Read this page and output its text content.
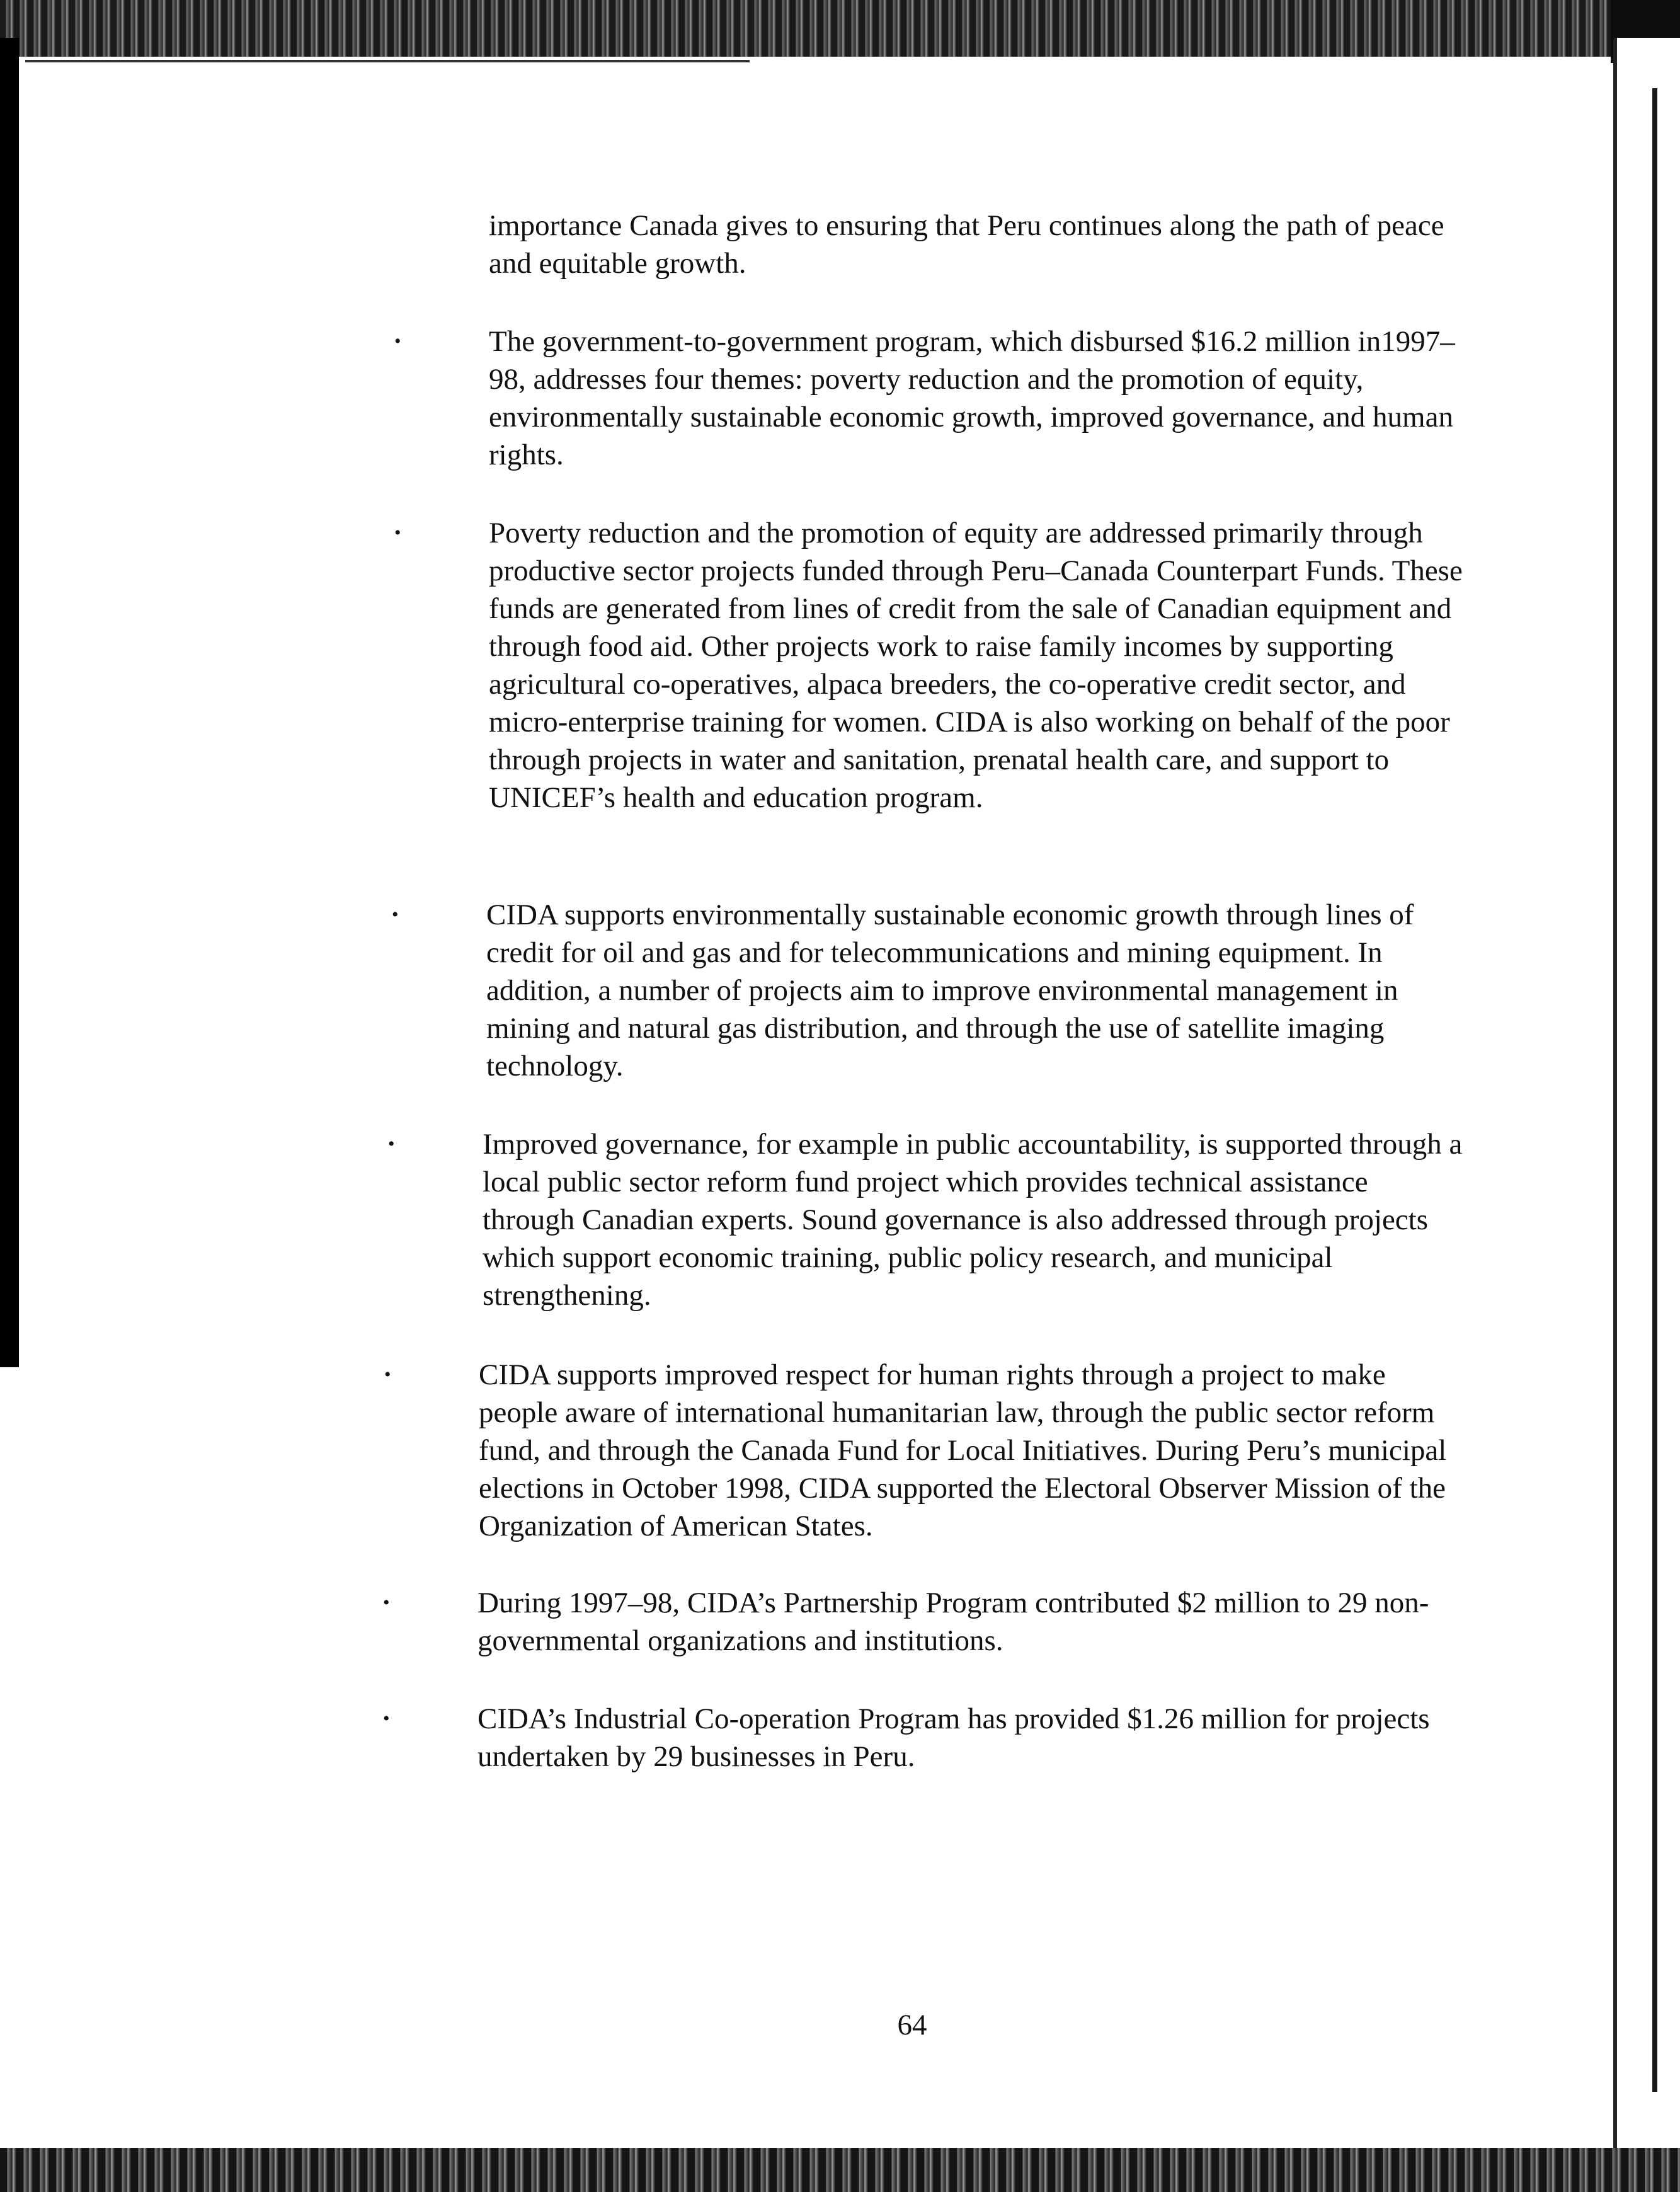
importance Canada gives to ensuring that Peru continues along the path of peace and equitable growth.

•	The government-to-government program, which disbursed $16.2 million in1997–98, addresses four themes: poverty reduction and the promotion of equity, environmentally sustainable economic growth, improved governance, and human rights.

•	Poverty reduction and the promotion of equity are addressed primarily through productive sector projects funded through Peru–Canada Counterpart Funds. These funds are generated from lines of credit from the sale of Canadian equipment and through food aid. Other projects work to raise family incomes by supporting agricultural co-operatives, alpaca breeders, the co-operative credit sector, and micro-enterprise training for women. CIDA is also working on behalf of the poor through projects in water and sanitation, prenatal health care, and support to UNICEF’s health and education program.

•	CIDA supports environmentally sustainable economic growth through lines of credit for oil and gas and for telecommunications and mining equipment. In addition, a number of projects aim to improve environmental management in mining and natural gas distribution, and through the use of satellite imaging technology.

•	Improved governance, for example in public accountability, is supported through a local public sector reform fund project which provides technical assistance through Canadian experts. Sound governance is also addressed through projects which support economic training, public policy research, and municipal strengthening.

•	CIDA supports improved respect for human rights through a project to make people aware of international humanitarian law, through the public sector reform fund, and through the Canada Fund for Local Initiatives. During Peru’s municipal elections in October 1998, CIDA supported the Electoral Observer Mission of the Organization of American States.

•	During 1997–98, CIDA’s Partnership Program contributed $2 million to 29 non-governmental organizations and institutions.

•	CIDA’s Industrial Co-operation Program has provided $1.26 million for projects undertaken by 29 businesses in Peru.

64
